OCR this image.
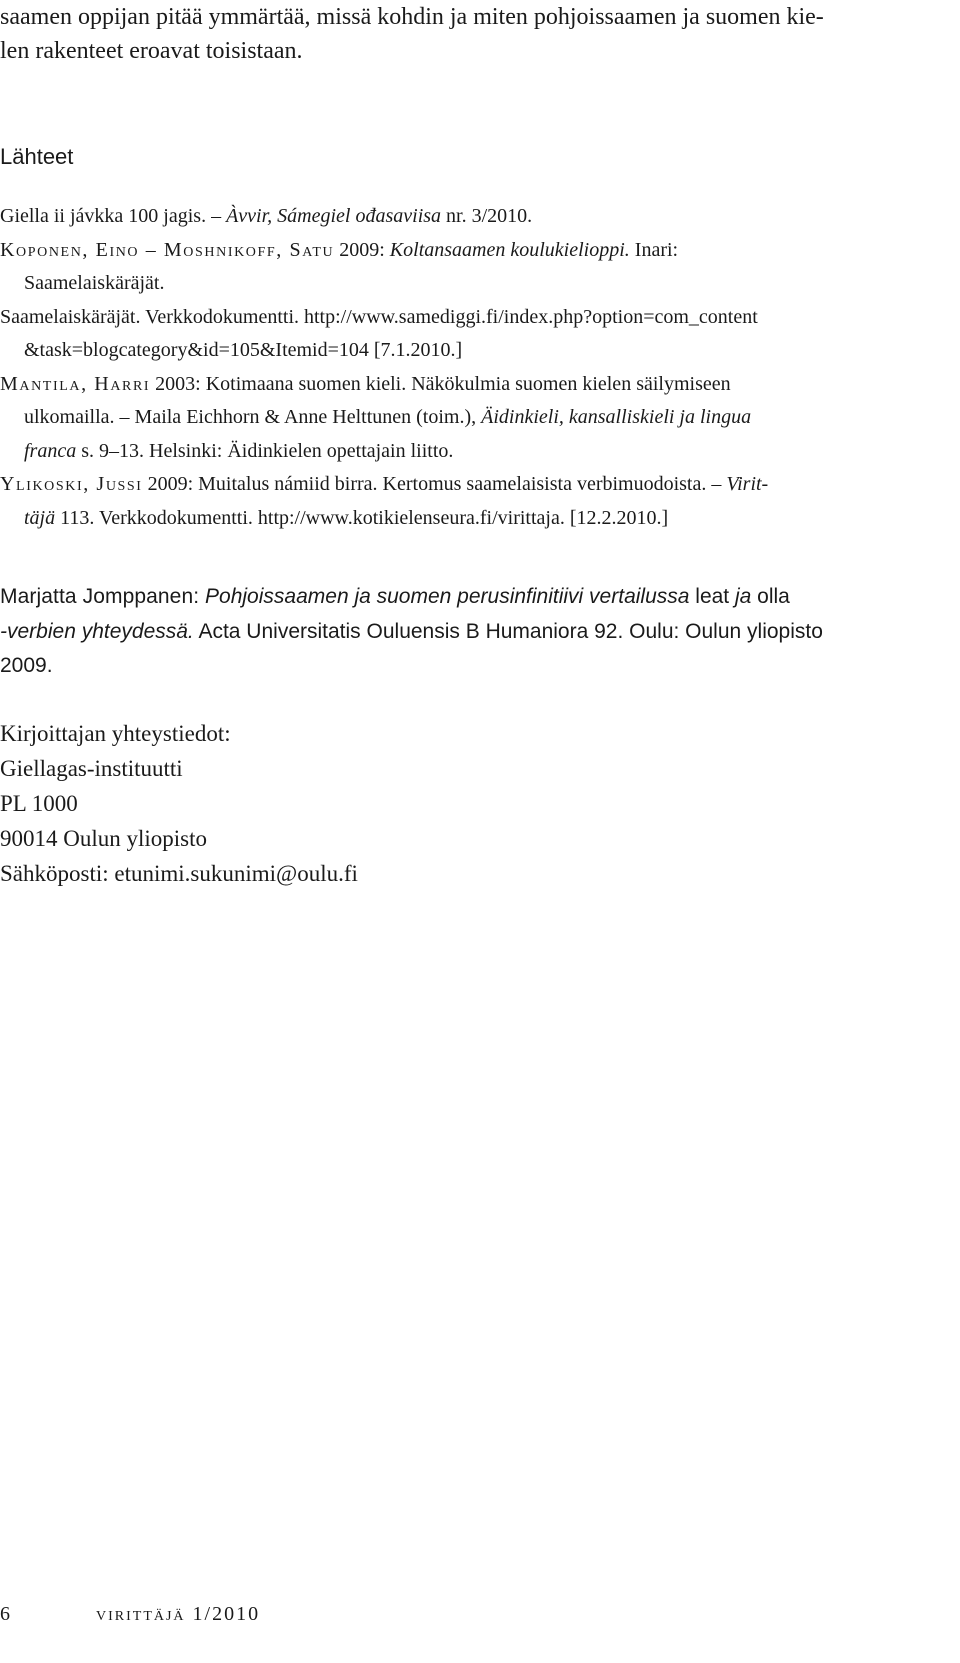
saamen oppijan pitää ymmärtää, missä kohdin ja miten pohjoissaamen ja suomen kie-
len rakenteet eroavat toisistaan.
Lähteet
Giella ii jávkka 100 jagis. – Àvvir, Sámegiel ođasaviisa nr. 3/2010.
Koponen, Eino – Moshnikoff, Satu 2009: Koltansaamen koulukielioppi. Inari:
Saamelaiskäräjät.
Saamelaiskäräjät. Verkkodokumentti. http://www.samediggi.fi/index.php?option=com_content
&task=blogcategory&id=105&Itemid=104 [7.1.2010.]
Mantila, Harri 2003: Kotimaana suomen kieli. Näkökulmia suomen kielen säilymiseen
ulkomailla. – Maila Eichhorn & Anne Helttunen (toim.), Äidinkieli, kansalliskieli ja lingua
franca s. 9–13. Helsinki: Äidinkielen opettajain liitto.
Ylikoski, Jussi 2009: Muitalus námiid birra. Kertomus saamelaisista verbimuodoista. – Virit-
täjä 113. Verkkodokumentti. http://www.kotikielenseura.fi/virittaja. [12.2.2010.]
Marjatta Jomppanen: Pohjoissaamen ja suomen perusinfinitiivi vertailussa leat ja olla
-verbien yhteydessä. Acta Universitatis Ouluensis B Humaniora 92. Oulu: Oulun yliopisto
2009.
Kirjoittajan yhteystiedot:
Giellagas-instituutti
PL 1000
90014 Oulun yliopisto
Sähköposti: etunimi.sukunimi@oulu.fi
6	virittäjä 1/2010
